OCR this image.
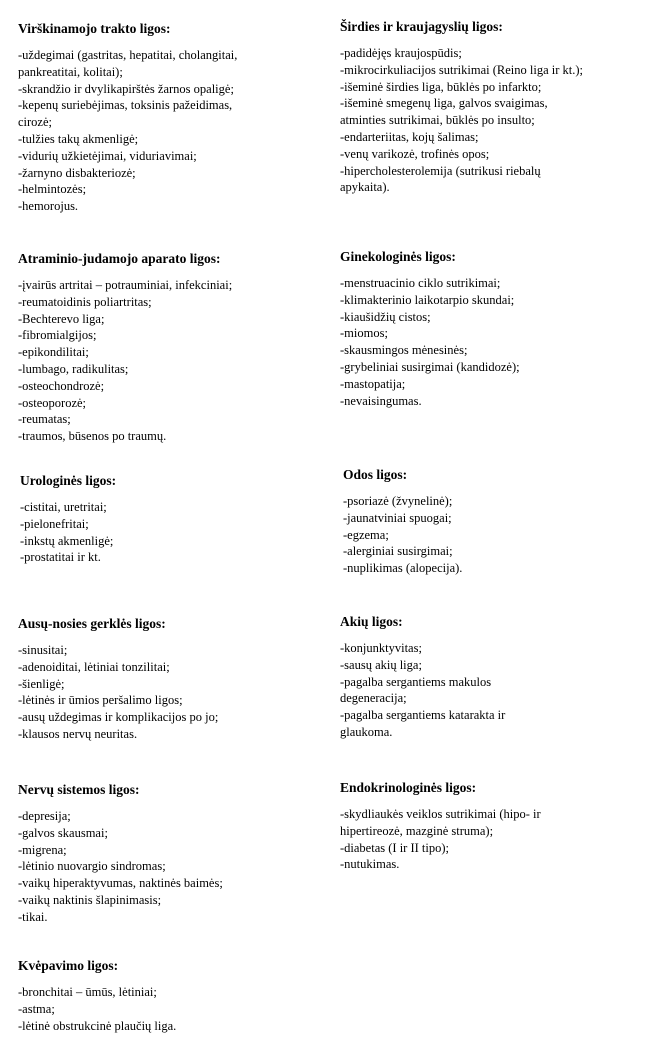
Virškinamojo trakto ligos:
-uždegimai (gastritas, hepatitai, cholangitai,
pankreatitai, kolitai);
-skrandžio ir dvylikapirštės žarnos opaligė;
-kepenų suriebėjimas, toksinis pažeidimas,
cirozė;
-tulžies takų akmenligė;
-vidurių užkietėjimai, viduriavimai;
-žarnyno disbakteriozė;
-helmintozės;
-hemorojus.
Atraminio-judamojo aparato ligos:
-įvairūs artritai – potrauminiai, infekciniai;
-reumatoidinis poliartritas;
-Bechterevo liga;
-fibromialgijos;
-epikondilitai;
-lumbago, radikulitas;
-osteochondrozė;
-osteoporozė;
-reumatas;
-traumos, būsenos po traumų.
Urologinės ligos:
-cistitai, uretritai;
-pielonefritai;
-inkstų akmenligė;
-prostatitai ir kt.
Ausų-nosies gerklės ligos:
-sinusitai;
-adenoiditai, lėtiniai tonzilitai;
-šienligė;
-lėtinės ir ūmios peršalimo ligos;
-ausų uždegimas ir komplikacijos po jo;
-klausos nervų neuritas.
Nervų sistemos ligos:
-depresija;
-galvos skausmai;
-migrena;
-lėtinio nuovargio sindromas;
-vaikų hiperaktyvumas, naktinės baimės;
-vaikų naktinis šlapinimasis;
-tikai.
Kvėpavimo ligos:
-bronchitai – ūmūs, lėtiniai;
-astma;
-lėtinė obstrukcinė plaučių liga.
Širdies ir kraujagyslių ligos:
-padidėjęs kraujospūdis;
-mikrocirkuliacijos sutrikimai (Reino liga ir kt.);
-išeminė širdies liga, būklės po infarkto;
-išeminė smegenų liga, galvos svaigimas,
atminties sutrikimai, būklės po insulto;
-endarteriitas, kojų šalimas;
-venų varikozė, trofinės opos;
-hipercholesterolemija (sutrikusi riebalų
apykaita).
Ginekologinės ligos:
-menstruacinio ciklo sutrikimai;
-klimakterinio laikotarpio skundai;
-kiaušidžių cistos;
-miomos;
-skausmingos mėnesinės;
-grybeliniai susirgimai (kandidozė);
-mastopatija;
-nevaisingumas.
Odos ligos:
-psoriazė (žvynelinė);
-jaunatviniai spuogai;
-egzema;
-alerginiai susirgimai;
-nuplikimas (alopecija).
Akių ligos:
-konjunktyvitas;
-sausų akių liga;
-pagalba sergantiems makulos
degeneracija;
-pagalba sergantiems katarakta ir
glaukoma.
Endokrinologinės ligos:
-skydliaukės veiklos sutrikimai (hipo- ir
hipertireozė, mazginė struma);
-diabetas (I ir II tipo);
-nutukimas.
